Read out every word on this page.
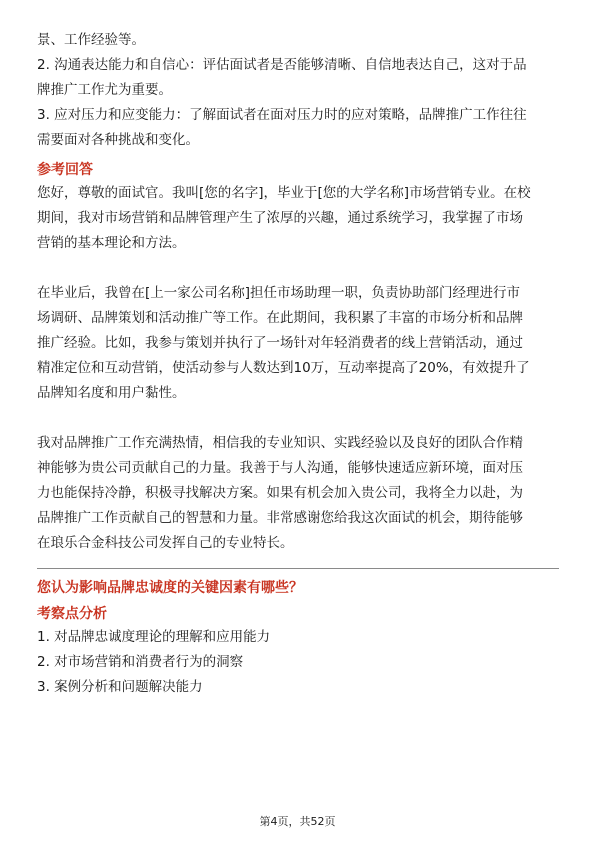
景、工作经验等。

2. 沟通表达能力和自信心：评估面试者是否能够清晰、自信地表达自己，这对于品

牌推广工作尤为重要。

3. 应对压力和应变能力：了解面试者在面对压力时的应对策略，品牌推广工作往往

需要面对各种挑战和变化。

参考回答

您好，尊敬的面试官。我叫[您的名字]，毕业于[您的大学名称]市场营销专业。在校

期间，我对市场营销和品牌管理产生了浓厚的兴趣，通过系统学习，我掌握了市场

营销的基本理论和方法。

在毕业后，我曾在[上一家公司名称]担任市场助理一职，负责协助部门经理进行市

场调研、品牌策划和活动推广等工作。在此期间，我积累了丰富的市场分析和品牌

推广经验。比如，我参与策划并执行了一场针对年轻消费者的线上营销活动，通过

精准定位和互动营销，使活动参与人数达到10万，互动率提高了20%，有效提升了

品牌知名度和用户黏性。

我对品牌推广工作充满热情，相信我的专业知识、实践经验以及良好的团队合作精

神能够为贵公司贡献自己的力量。我善于与人沟通，能够快速适应新环境，面对压

力也能保持冷静，积极寻找解决方案。如果有机会加入贵公司，我将全力以赴，为

品牌推广工作贡献自己的智慧和力量。非常感谢您给我这次面试的机会，期待能够

在琅乐合金科技公司发挥自己的专业特长。

您认为影响品牌忠诚度的关键因素有哪些？

考察点分析

1. 对品牌忠诚度理论的理解和应用能力

2. 对市场营销和消费者行为的洞察

3. 案例分析和问题解决能力

第4页，共52页
